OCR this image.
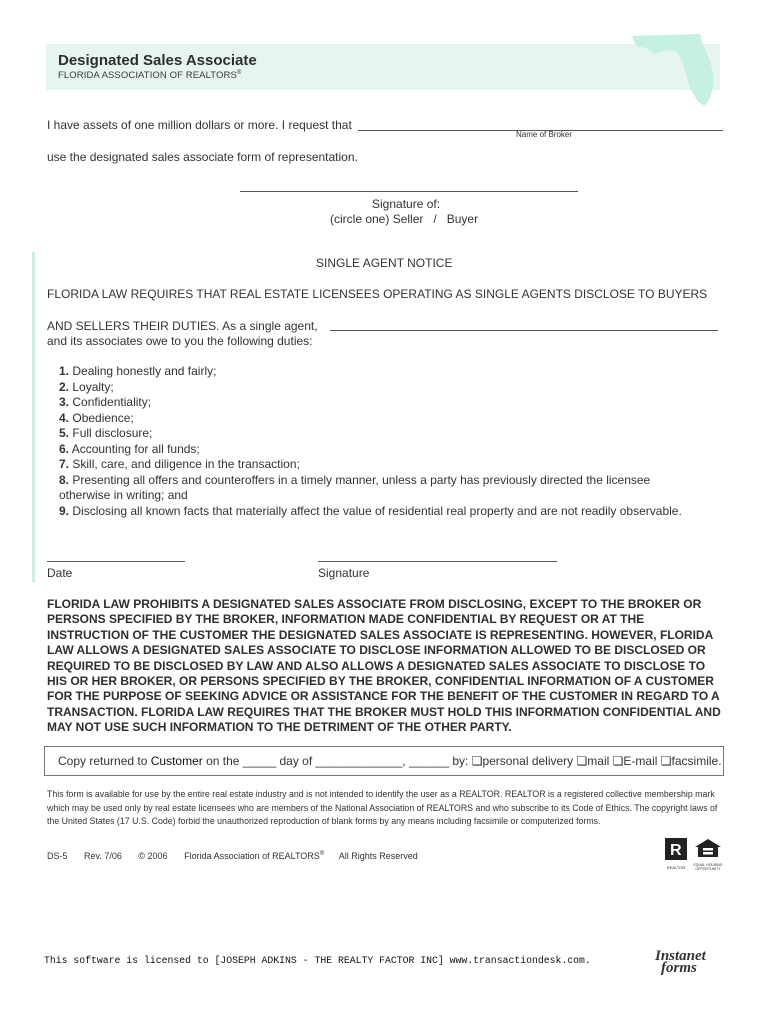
Designated Sales Associate
FLORIDA ASSOCIATION OF REALTORS®
I have assets of one million dollars or more. I request that
Name of Broker
use the designated sales associate form of representation.
Signature of:
(circle one) Seller   /   Buyer
SINGLE AGENT NOTICE
FLORIDA LAW REQUIRES THAT REAL ESTATE LICENSEES OPERATING AS SINGLE AGENTS DISCLOSE TO BUYERS
AND SELLERS THEIR DUTIES. As a single agent,
and its associates owe to you the following duties:
1. Dealing honestly and fairly;
2. Loyalty;
3. Confidentiality;
4. Obedience;
5. Full disclosure;
6. Accounting for all funds;
7. Skill, care, and diligence in the transaction;
8. Presenting all offers and counteroffers in a timely manner, unless a party has previously directed the licensee otherwise in writing; and
9. Disclosing all known facts that materially affect the value of residential real property and are not readily observable.
Date	Signature
FLORIDA LAW PROHIBITS A DESIGNATED SALES ASSOCIATE FROM DISCLOSING, EXCEPT TO THE BROKER OR PERSONS SPECIFIED BY THE BROKER, INFORMATION MADE CONFIDENTIAL BY REQUEST OR AT THE INSTRUCTION OF THE CUSTOMER THE DESIGNATED SALES ASSOCIATE IS REPRESENTING. HOWEVER, FLORIDA LAW ALLOWS A DESIGNATED SALES ASSOCIATE TO DISCLOSE INFORMATION ALLOWED TO BE DISCLOSED OR REQUIRED TO BE DISCLOSED BY LAW AND ALSO ALLOWS A DESIGNATED SALES ASSOCIATE TO DISCLOSE TO HIS OR HER BROKER, OR PERSONS SPECIFIED BY THE BROKER, CONFIDENTIAL INFORMATION OF A CUSTOMER FOR THE PURPOSE OF SEEKING ADVICE OR ASSISTANCE FOR THE BENEFIT OF THE CUSTOMER IN REGARD TO A TRANSACTION. FLORIDA LAW REQUIRES THAT THE BROKER MUST HOLD THIS INFORMATION CONFIDENTIAL AND MAY NOT USE SUCH INFORMATION TO THE DETRIMENT OF THE OTHER PARTY.
Copy returned to Customer on the _____ day of _____________, ______ by: ❏personal delivery ❏mail ❏E-mail ❏facsimile.
This form is available for use by the entire real estate industry and is not intended to identify the user as a REALTOR. REALTOR is a registered collective membership mark which may be used only by real estate licensees who are members of the National Association of REALTORS and who subscribe to its Code of Ethics. The copyright laws of the United States (17 U.S. Code) forbid the unauthorized reproduction of blank forms by any means including facsimile or computerized forms.
DS-5 Rev. 7/06 © 2006 Florida Association of REALTORS® All Rights Reserved	R
REALTOR	EQUAL HOUSING OPPORTUNITY
This software is licensed to [JOSEPH ADKINS - THE REALTY FACTOR INC] www.transactiondesk.com.	Instanet
forms
